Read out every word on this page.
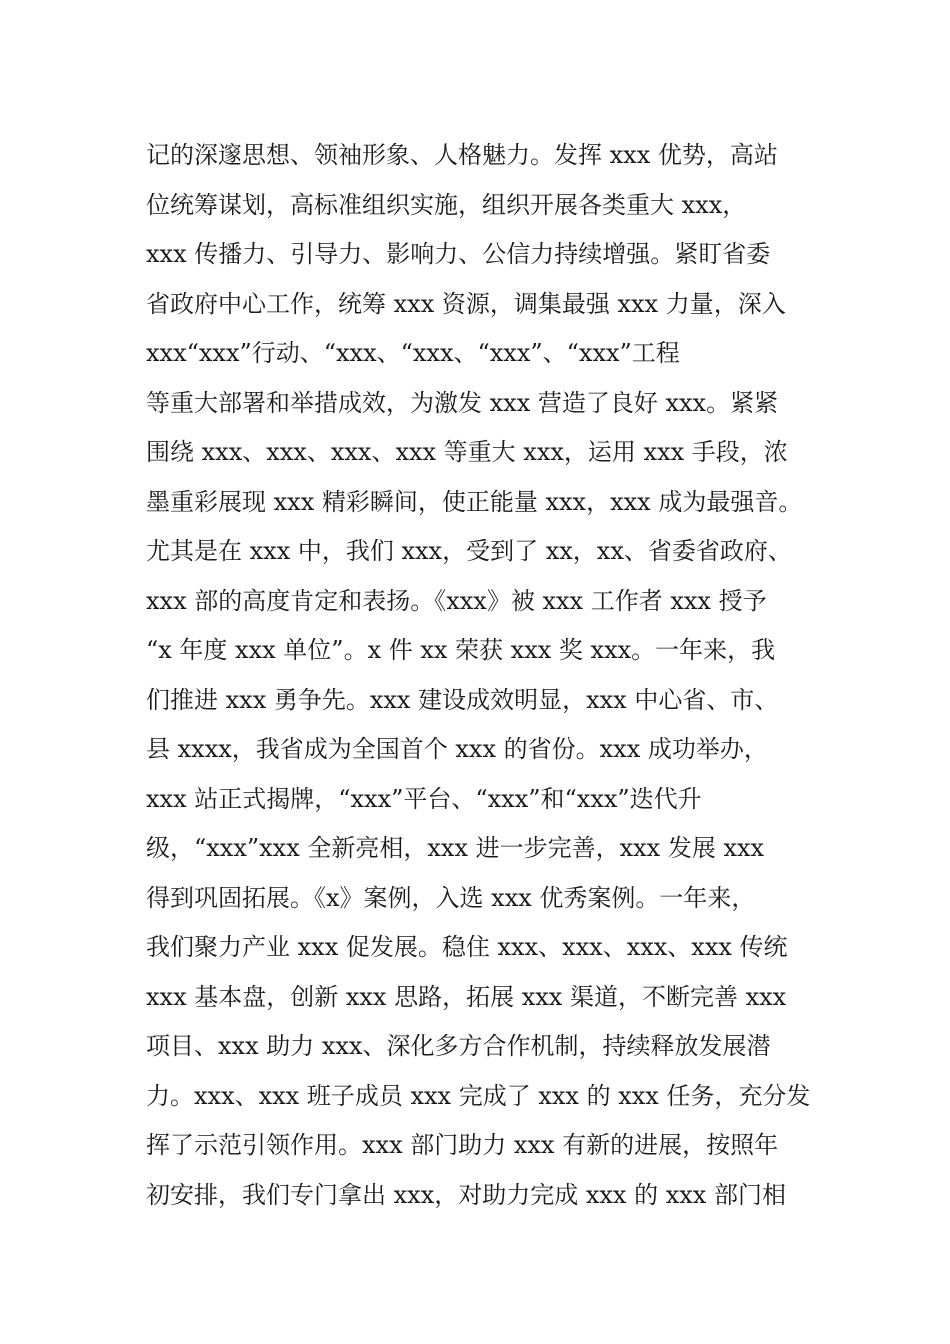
记的深邃思想、领袖形象、人格魅力。发挥 xxx 优势，高站
位统筹谋划，高标准组织实施，组织开展各类重大 xxx，
xxx 传播力、引导力、影响力、公信力持续增强。紧盯省委
省政府中心工作，统筹 xxx 资源，调集最强 xxx 力量，深入
xxx“xxx”行动、“xxx、“xxx、“xxx”、“xxx”工程
等重大部署和举措成效，为激发 xxx 营造了良好 xxx。紧紧
围绕 xxx、xxx、xxx、xxx 等重大 xxx，运用 xxx 手段，浓
墨重彩展现 xxx 精彩瞬间，使正能量 xxx，xxx 成为最强音。
尤其是在 xxx 中，我们 xxx，受到了 xx，xx、省委省政府、
xxx 部的高度肯定和表扬。《xxx》被 xxx 工作者 xxx 授予
“x 年度 xxx 单位”。x 件 xx 荣获 xxx 奖 xxx。一年来，我
们推进 xxx 勇争先。xxx 建设成效明显，xxx 中心省、市、
县 xxxx，我省成为全国首个 xxx 的省份。xxx 成功举办，
xxx 站正式揭牌，“xxx”平台、“xxx”和“xxx”迭代升
级，“xxx”xxx 全新亮相，xxx 进一步完善，xxx 发展 xxx
得到巩固拓展。《x》案例，入选 xxx 优秀案例。一年来，
我们聚力产业 xxx 促发展。稳住 xxx、xxx、xxx、xxx 传统
xxx 基本盘，创新 xxx 思路，拓展 xxx 渠道，不断完善 xxx
项目、xxx 助力 xxx、深化多方合作机制，持续释放发展潜
力。xxx、xxx 班子成员 xxx 完成了 xxx 的 xxx 任务，充分发
挥了示范引领作用。xxx 部门助力 xxx 有新的进展，按照年
初安排，我们专门拿出 xxx，对助力完成 xxx 的 xxx 部门相
